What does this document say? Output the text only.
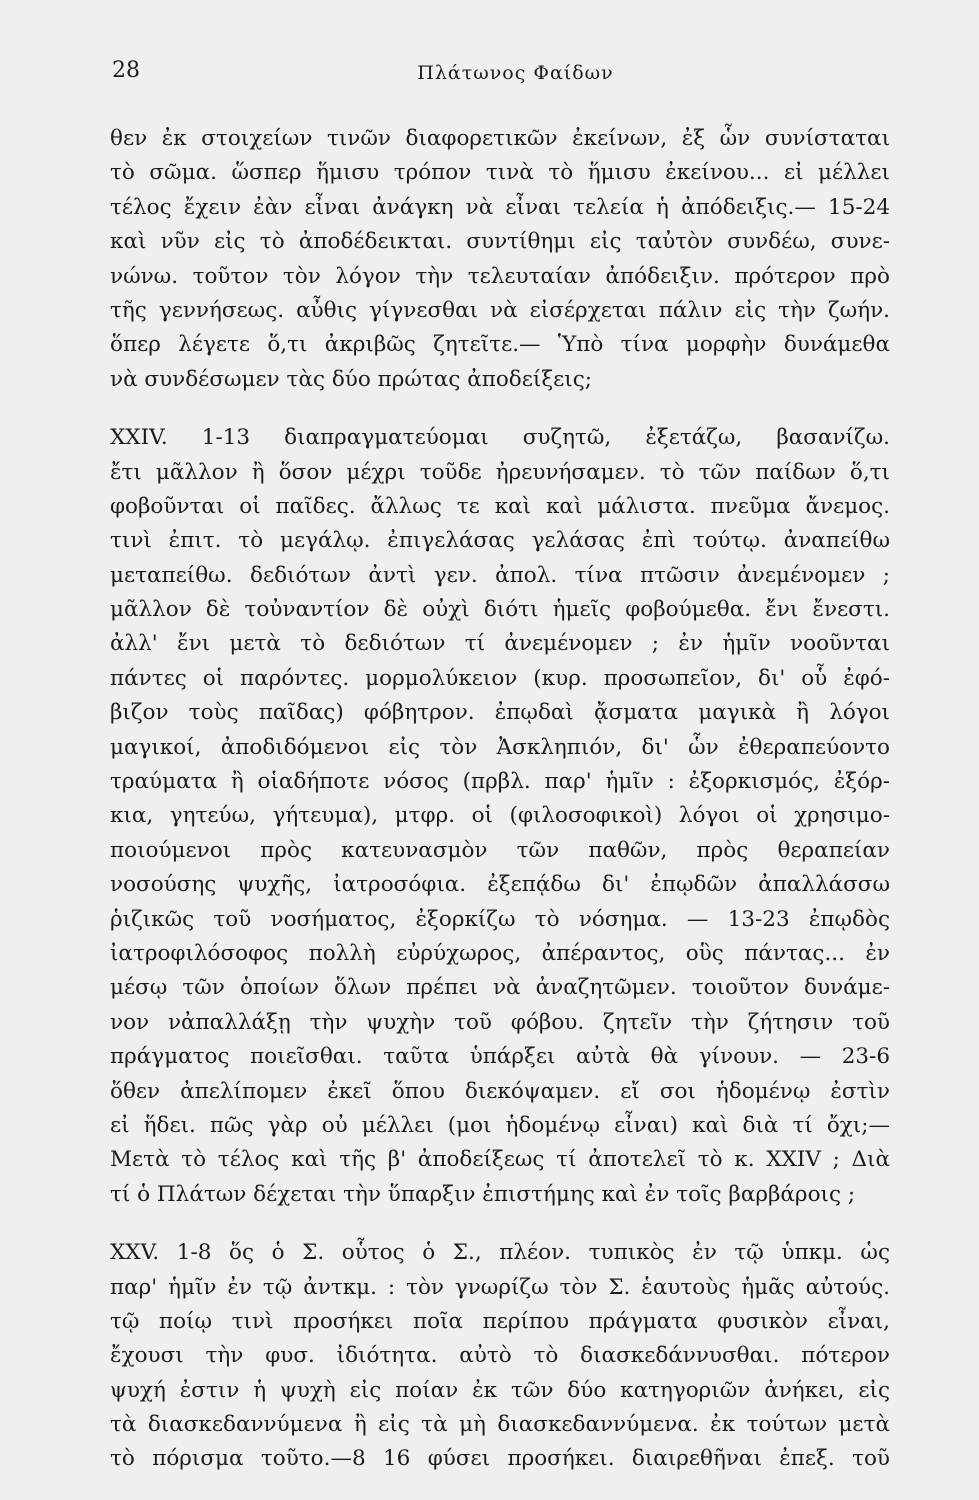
28	Πλάτωνος Φαίδων
θεν ἐκ στοιχείων τινῶν διαφορετικῶν ἐκείνων, ἐξ ὧν συνίσταται
τὸ σῶμα. ὥσπερ ἥμισυ τρόπον τινὰ τὸ ἥμισυ ἐκείνου... εἰ μέλλει
τέλος ἔχειν ἐὰν εἶναι ἀνάγκη νὰ εἶναι τελεία ἡ ἀπόδειξις.— 15-24
καὶ νῦν εἰς τὸ ἀποδέδεικται. συντίθημι εἰς ταὐτὸν συνδέω, συνε-
νώνω. τοῦτον τὸν λόγον τὴν τελευταίαν ἀπόδειξιν. πρότερον πρὸ
τῆς γεννήσεως. αὖθις γίγνεσθαι νὰ εἰσέρχεται πάλιν εἰς τὴν ζωήν.
ὅπερ λέγετε ὅ,τι ἀκριβῶς ζητεῖτε.— Ὑπὸ τίνα μορφὴν δυνάμεθα
νὰ συνδέσωμεν τὰς δύο πρώτας ἀποδείξεις;
XXIV. 1-13 διαπραγματεύομαι συζητῶ, ἐξετάζω, βασανίζω.
ἔτι μᾶλλον ἢ ὅσον μέχρι τοῦδε ἠρευνήσαμεν. τὸ τῶν παίδων ὅ,τι
φοβοῦνται οἱ παῖδες. ἄλλως τε καὶ καὶ μάλιστα. πνεῦμα ἄνεμος.
τινὶ ἐπιτ. τὸ μεγάλῳ. ἐπιγελάσας γελάσας ἐπὶ τούτῳ. ἀναπείθω
μεταπείθω. δεδιότων ἀντὶ γεν. ἀπολ. τίνα πτῶσιν ἀνεμένομεν ;
μᾶλλον δὲ τοὐναντίον δὲ οὐχὶ διότι ἡμεῖς φοβούμεθα. ἔνι ἔνεστι.
ἀλλ' ἔνι μετὰ τὸ δεδιότων τί ἀνεμένομεν ; ἐν ἡμῖν νοοῦνται
πάντες οἱ παρόντες. μορμολύκειον (κυρ. προσωπεῖον, δι' οὗ ἐφό-
βιζον τοὺς παῖδας) φόβητρον. ἐπῳδαὶ ᾄσματα μαγικὰ ἢ λόγοι
μαγικοί, ἀποδιδόμενοι εἰς τὸν Ἀσκληπιόν, δι' ὧν ἐθεραπεύοντο
τραύματα ἢ οἱαδήποτε νόσος (πρβλ. παρ' ἡμῖν : ἐξορκισμός, ἐξόρ-
κια, γητεύω, γήτευμα), μτφρ. οἱ (φιλοσοφικοὶ) λόγοι οἱ χρησιμο-
ποιούμενοι πρὸς κατευνασμὸν τῶν παθῶν, πρὸς θεραπείαν
νοσούσης ψυχῆς, ἰατροσόφια. ἐξεπᾴδω δι' ἐπῳδῶν ἀπαλλάσσω
ῥιζικῶς τοῦ νοσήματος, ἐξορκίζω τὸ νόσημα. — 13-23 ἐπῳδὸς
ἰατροφιλόσοφος πολλὴ εὐρύχωρος, ἀπέραντος, οὓς πάντας... ἐν
μέσῳ τῶν ὁποίων ὅλων πρέπει νὰ ἀναζητῶμεν. τοιοῦτον δυνάμε-
νον νἀπαλλάξῃ τὴν ψυχὴν τοῦ φόβου. ζητεῖν τὴν ζήτησιν τοῦ
πράγματος ποιεῖσθαι. ταῦτα ὑπάρξει αὐτὰ θὰ γίνουν. — 23-6
ὅθεν ἀπελίπομεν ἐκεῖ ὅπου διεκόψαμεν. εἴ σοι ἡδομένῳ ἐστὶν
εἰ ἥδει. πῶς γὰρ οὐ μέλλει (μοι ἡδομένῳ εἶναι) καὶ διὰ τί ὄχι;—
Μετὰ τὸ τέλος καὶ τῆς β' ἀποδείξεως τί ἀποτελεῖ τὸ κ. XXIV ; Διὰ
τί ὁ Πλάτων δέχεται τὴν ὕπαρξιν ἐπιστήμης καὶ ἐν τοῖς βαρβάροις ;
XXV. 1-8 ὅς ὁ Σ. οὗτος ὁ Σ., πλέον. τυπικὸς ἐν τῷ ὑπκμ. ὡς
παρ' ἡμῖν ἐν τῷ ἀντκμ. : τὸν γνωρίζω τὸν Σ. ἑαυτοὺς ἡμᾶς αὐτούς.
τῷ ποίῳ τινὶ προσήκει ποῖα περίπου πράγματα φυσικὸν εἶναι,
ἔχουσι τὴν φυσ. ἰδιότητα. αὐτὸ τὸ διασκεδάννυσθαι. πότερον
ψυχή ἐστιν ἡ ψυχὴ εἰς ποίαν ἐκ τῶν δύο κατηγοριῶν ἀνήκει, εἰς
τὰ διασκεδαννύμενα ἢ εἰς τὰ μὴ διασκεδαννύμενα. ἐκ τούτων μετὰ
τὸ πόρισμα τοῦτο.—8 16 φύσει προσήκει. διαιρεθῆναι ἐπεξ. τοῦ
